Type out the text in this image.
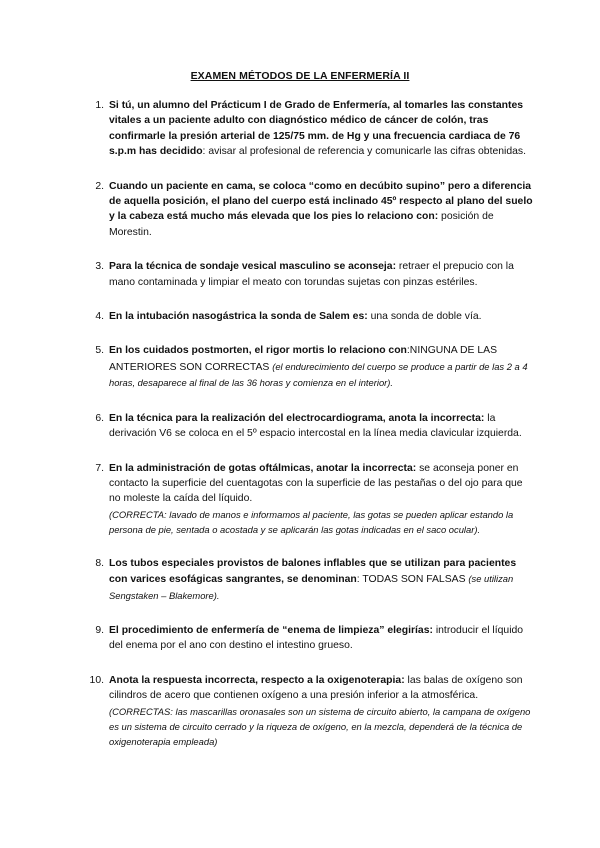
EXAMEN MÉTODOS DE LA ENFERMERÍA II
1. Si tú, un alumno del Prácticum I de Grado de Enfermería, al tomarles las constantes vitales a un paciente adulto con diagnóstico médico de cáncer de colón, tras confirmarle la presión arterial de 125/75 mm. de Hg y una frecuencia cardiaca de 76 s.p.m has decidido: avisar al profesional de referencia y comunicarle las cifras obtenidas.
2. Cuando un paciente en cama, se coloca “como en decúbito supino” pero a diferencia de aquella posición, el plano del cuerpo está inclinado 45º respecto al plano del suelo y la cabeza está mucho más elevada que los pies lo relaciono con: posición de Morestin.
3. Para la técnica de sondaje vesical masculino se aconseja: retraer el prepucio con la mano contaminada y limpiar el meato con torundas sujetas con pinzas estériles.
4. En la intubación nasogástrica la sonda de Salem es: una sonda de doble vía.
5. En los cuidados postmorten, el rigor mortis lo relaciono con:NINGUNA DE LAS ANTERIORES SON CORRECTAS (el endurecimiento del cuerpo se produce a partir de las 2 a 4 horas, desaparece al final de las 36 horas y comienza en el interior).
6. En la técnica para la realización del electrocardiograma, anota la incorrecta: la derivación V6 se coloca en el 5º espacio intercostal en la línea media clavicular izquierda.
7. En la administración de gotas oftálmicas, anotar la incorrecta: se aconseja poner en contacto la superficie del cuentagotas con la superficie de las pestañas o del ojo para que no moleste la caída del líquido.
(CORRECTA: lavado de manos e informamos al paciente, las gotas se pueden aplicar estando la persona de pie, sentada o acostada y se aplicarán las gotas indicadas en el saco ocular).
8. Los tubos especiales provistos de balones inflables que se utilizan para pacientes con varices esofágicas sangrantes, se denominan: TODAS SON FALSAS (se utilizan Sengstaken – Blakemore).
9. El procedimiento de enfermería de “enema de limpieza” elegirías: introducir el líquido del enema por el ano con destino el intestino grueso.
10. Anota la respuesta incorrecta, respecto a la oxigenoterapia: las balas de oxígeno son cilindros de acero que contienen oxígeno a una presión inferior a la atmosférica.
(CORRECTAS: las mascarillas oronasales son un sistema de circuito abierto, la campana de oxígeno es un sistema de circuito cerrado y la riqueza de oxígeno, en la mezcla, dependerá de la técnica de oxigenoterapia empleada)
